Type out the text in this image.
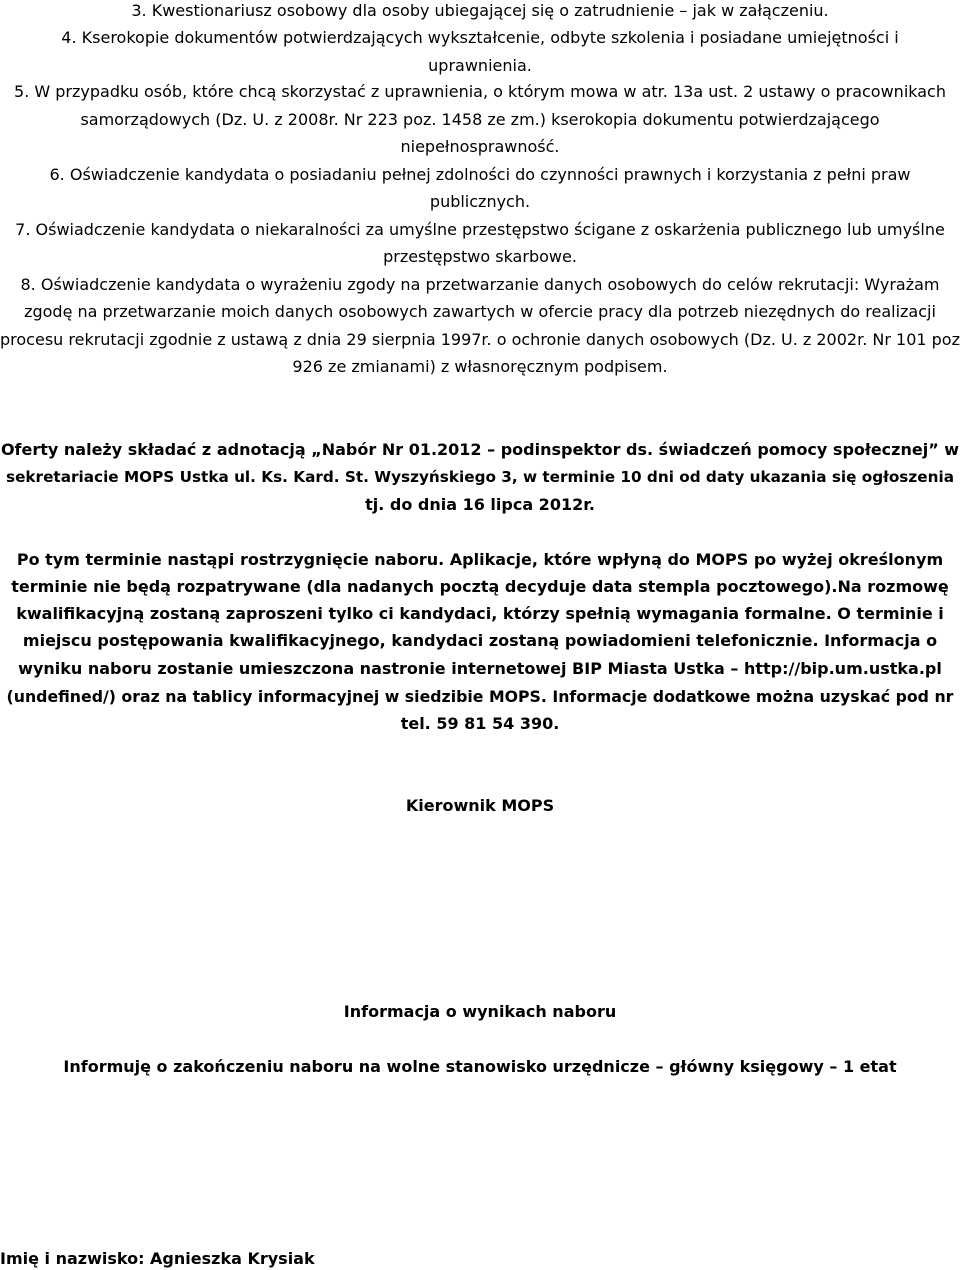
3. Kwestionariusz osobowy dla osoby ubiegającej się o zatrudnienie – jak w załączeniu.

4. Kserokopie dokumentów potwierdzających wykształcenie, odbyte szkolenia i posiadane umiejętności i

uprawnienia.

5. W przypadku osób, które chcą skorzystać z uprawnienia, o którym mowa w atr. 13a ust. 2 ustawy o pracownikach

samorządowych (Dz. U. z 2008r. Nr 223 poz. 1458 ze zm.) kserokopia dokumentu potwierdzającego

niepełnosprawność.

6. Oświadczenie kandydata o posiadaniu pełnej zdolności do czynności prawnych i korzystania z pełni praw

publicznych.

7. Oświadczenie kandydata o niekaralności za umyślne przestępstwo ścigane z oskarżenia publicznego lub umyślne

przestępstwo skarbowe.

8. Oświadczenie kandydata o wyrażeniu zgody na przetwarzanie danych osobowych do celów rekrutacji: Wyrażam

zgodę na przetwarzanie moich danych osobowych zawartych w ofercie pracy dla potrzeb niezędnych do realizacji

procesu rekrutacji zgodnie z ustawą z dnia 29 sierpnia 1997r. o ochronie danych osobowych (Dz. U. z 2002r. Nr 101 poz

926 ze zmianami) z własnoręcznym podpisem.

Oferty należy składać z adnotacją „Nabór Nr 01.2012 – podinspektor ds. świadczeń pomocy społecznej” w

sekretariacie MOPS Ustka ul. Ks. Kard. St. Wyszyńskiego 3, w terminie 10 dni od daty ukazania się ogłoszenia

tj. do dnia 16 lipca 2012r.

Po tym terminie nastąpi rostrzygnięcie naboru. Aplikacje, które wpłyną do MOPS po wyżej określonym

terminie nie będą rozpatrywane (dla nadanych pocztą decyduje data stempla pocztowego).Na rozmowę

kwalifikacyjną zostaną zaproszeni tylko ci kandydaci, którzy spełnią wymagania formalne. O terminie i

miejscu postępowania kwalifikacyjnego, kandydaci zostaną powiadomieni telefonicznie. Informacja o

wyniku naboru zostanie umieszczona nastronie internetowej BIP Miasta Ustka – http://bip.um.ustka.pl

(undefined/) oraz na tablicy informacyjnej w siedzibie MOPS. Informacje dodatkowe można uzyskać pod nr

tel. 59 81 54 390.

Kierownik MOPS

Informacja o wynikach naboru

Informuję o zakończeniu naboru na wolne stanowisko urzędnicze – główny księgowy – 1 etat

Imię i nazwisko: Agnieszka Krysiak
